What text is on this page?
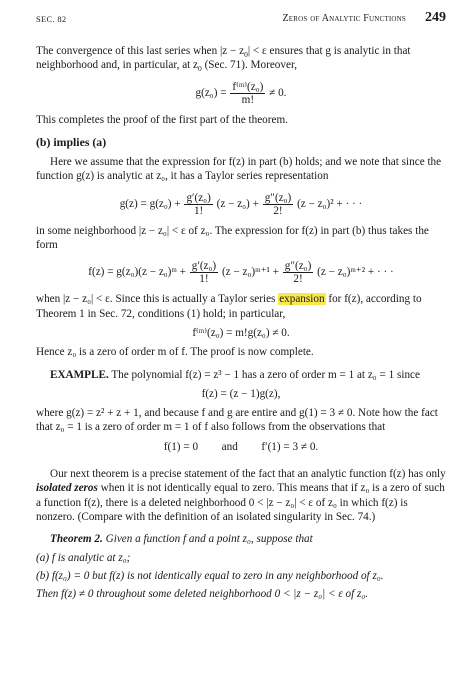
SEC. 82	Zeros of Analytic Functions 249

The convergence of this last series when $|z - z_0| < \varepsilon$ ensures that g is analytic in that neighborhood and, in particular, at $z_0$ (Sec. 71). Moreover,

$g(z_0) = \frac{\text{f⁽ᵐ⁾(z₀)}}{m!} \ne 0$.

This completes the proof of the first part of the theorem.

(b) implies (a)

Here we assume that the expression for f(z) in part (b) holds; and we note that since the function g(z) is analytic at z₀, it has a Taylor series representation

$g(z) = g(z_0) + \frac{\text{g′(z₀)}}{1!} (z - z_0) + \frac{\text{g″(z₀)}}{2!} (z - z_0)^2$ + · · ·

in some neighborhood |z − z₀| < ε of z₀. The expression for f(z) in part (b) thus takes the form

f(z) = g(z₀)(z − z₀)ᵐ + $\frac{\text{g′(z₀)}}{1!} (z$ − z₀)ᵐ⁺¹ + $\frac{\text{g″(z₀)}}{2!} (z$ − z₀)ᵐ⁺² + · · ·

when |z − z₀| < ε. Since this is actually a Taylor series expansion for f(z), according to Theorem 1 in Sec. 72, conditions (1) hold; in particular,

f⁽ᵐ⁾(z₀) = m!g(z₀) ≠ 0.

Hence z₀ is a zero of order m of f. The proof is now complete.

EXAMPLE. The polynomial f(z) = z³ − 1 has a zero of order m = 1 at z₀ = 1 since

f(z) = (z − 1)g(z),

where g(z) = z² + z + 1, and because f and g are entire and g(1) = 3 ≠ 0. Note how the fact that z₀ = 1 is a zero of order m = 1 of f also follows from the observations that

f(1) = 0 and f′(1) = 3 ≠ 0.

Our next theorem is a precise statement of the fact that an analytic function f(z) has only isolated zeros when it is not identically equal to zero. This means that if z₀ is a zero of such a function f(z), there is a deleted neighborhood 0 < |z − z₀| < ε of z₀ in which f(z) is nonzero. (Compare with the definition of an isolated singularity in Sec. 74.)

Theorem 2. Given a function f and a point z₀, suppose that

(a) f is analytic at z₀;

(b) f(z₀) = 0 but f(z) is not identically equal to zero in any neighborhood of z₀.

Then f(z) ≠ 0 throughout some deleted neighborhood 0 < |z − z₀| < ε of z₀.
